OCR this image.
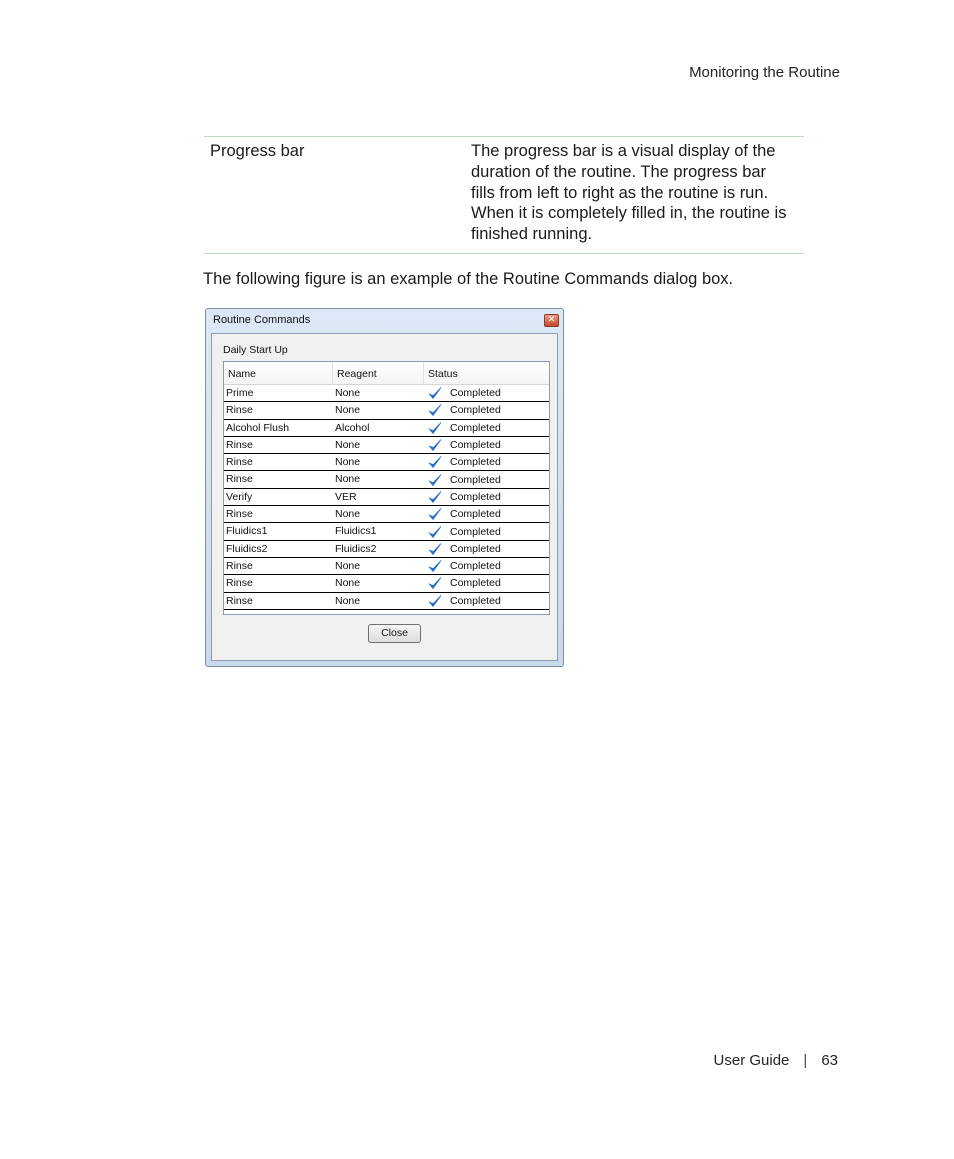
Monitoring the Routine
Progress bar	The progress bar is a visual display of the duration of the routine. The progress bar fills from left to right as the routine is run. When it is completely filled in, the routine is finished running.
The following figure is an example of the Routine Commands dialog box.
Routine Commands	✕
Daily Start Up
Name	Reagent	Status
Prime	None	Completed
Rinse	None	Completed
Alcohol Flush	Alcohol	Completed
Rinse	None	Completed
Rinse	None	Completed
Rinse	None	Completed
Verify	VER	Completed
Rinse	None	Completed
Fluidics1	Fluidics1	Completed
Fluidics2	Fluidics2	Completed
Rinse	None	Completed
Rinse	None	Completed
Rinse	None	Completed
Close
User Guide | 63
